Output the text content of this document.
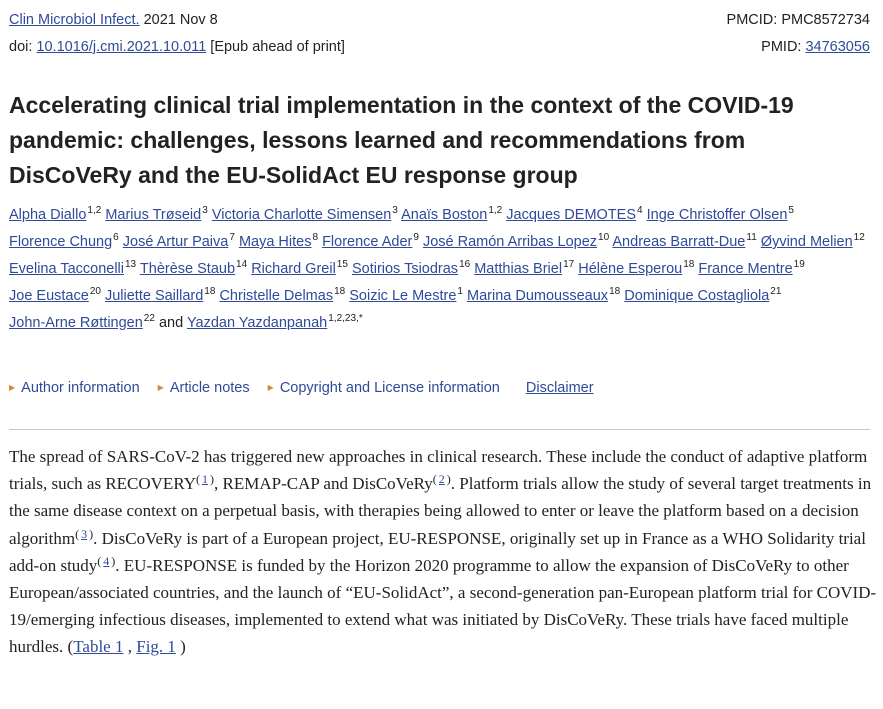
Clin Microbiol Infect. 2021 Nov 8	PMCID: PMC8572734
doi: 10.1016/j.cmi.2021.10.011 [Epub ahead of print]	PMID: 34763056
Accelerating clinical trial implementation in the context of the COVID-19 pandemic: challenges, lessons learned and recommendations from DisCoVeRy and the EU-SolidAct EU response group
Alpha Diallo$^{1,2}$ Marius Trøseid$^3$ Victoria Charlotte Simensen$^3$ Anaïs Boston$^{1,2}$ Jacques DEMOTES$^4$ Inge Christoffer Olsen$^5$ Florence Chung$^6$ José Artur Paiva$^7$ Maya Hites$^8$ Florence Ader$^9$ José Ramón Arribas Lopez$^{10}$ Andreas Barratt-Due$^{11}$ Øyvind Melien$^{12}$ Evelina Tacconelli$^{13}$ Thèrèse Staub$^{14}$ Richard Greil$^{15}$ Sotirios Tsiodras$^{16}$ Matthias Briel$^{17}$ Hélène Esperou$^{18}$ France Mentre$^{19}$ Joe Eustace$^{20}$ Juliette Saillard$^{18}$ Christelle Delmas$^{18}$ Soizic Le Mestre$^1$ Marina Dumousseaux$^{18}$ Dominique Costagliola$^{21}$ John-Arne Røttingen$^{22}$ and Yazdan Yazdanpanah$^{1,2,23,*}$
▶ Author information ▶ Article notes ▶ Copyright and License information Disclaimer
The spread of SARS-CoV-2 has triggered new approaches in clinical research. These include the conduct of adaptive platform trials, such as RECOVERY$^{( 1 )}$, REMAP-CAP and DisCoVeRy$^{( 2 )}$. Platform trials allow the study of several target treatments in the same disease context on a perpetual basis, with therapies being allowed to enter or leave the platform based on a decision algorithm$^{( 3 )}$. DisCoVeRy is part of a European project, EU-RESPONSE, originally set up in France as a WHO Solidarity trial add-on study$^{( 4 )}$. EU-RESPONSE is funded by the Horizon 2020 programme to allow the expansion of DisCoVeRy to other European/associated countries, and the launch of “EU-SolidAct”, a second-generation pan-European platform trial for COVID-19/emerging infectious diseases, implemented to extend what was initiated by DisCoVeRy. These trials have faced multiple hurdles. (Table 1 , Fig. 1 )
